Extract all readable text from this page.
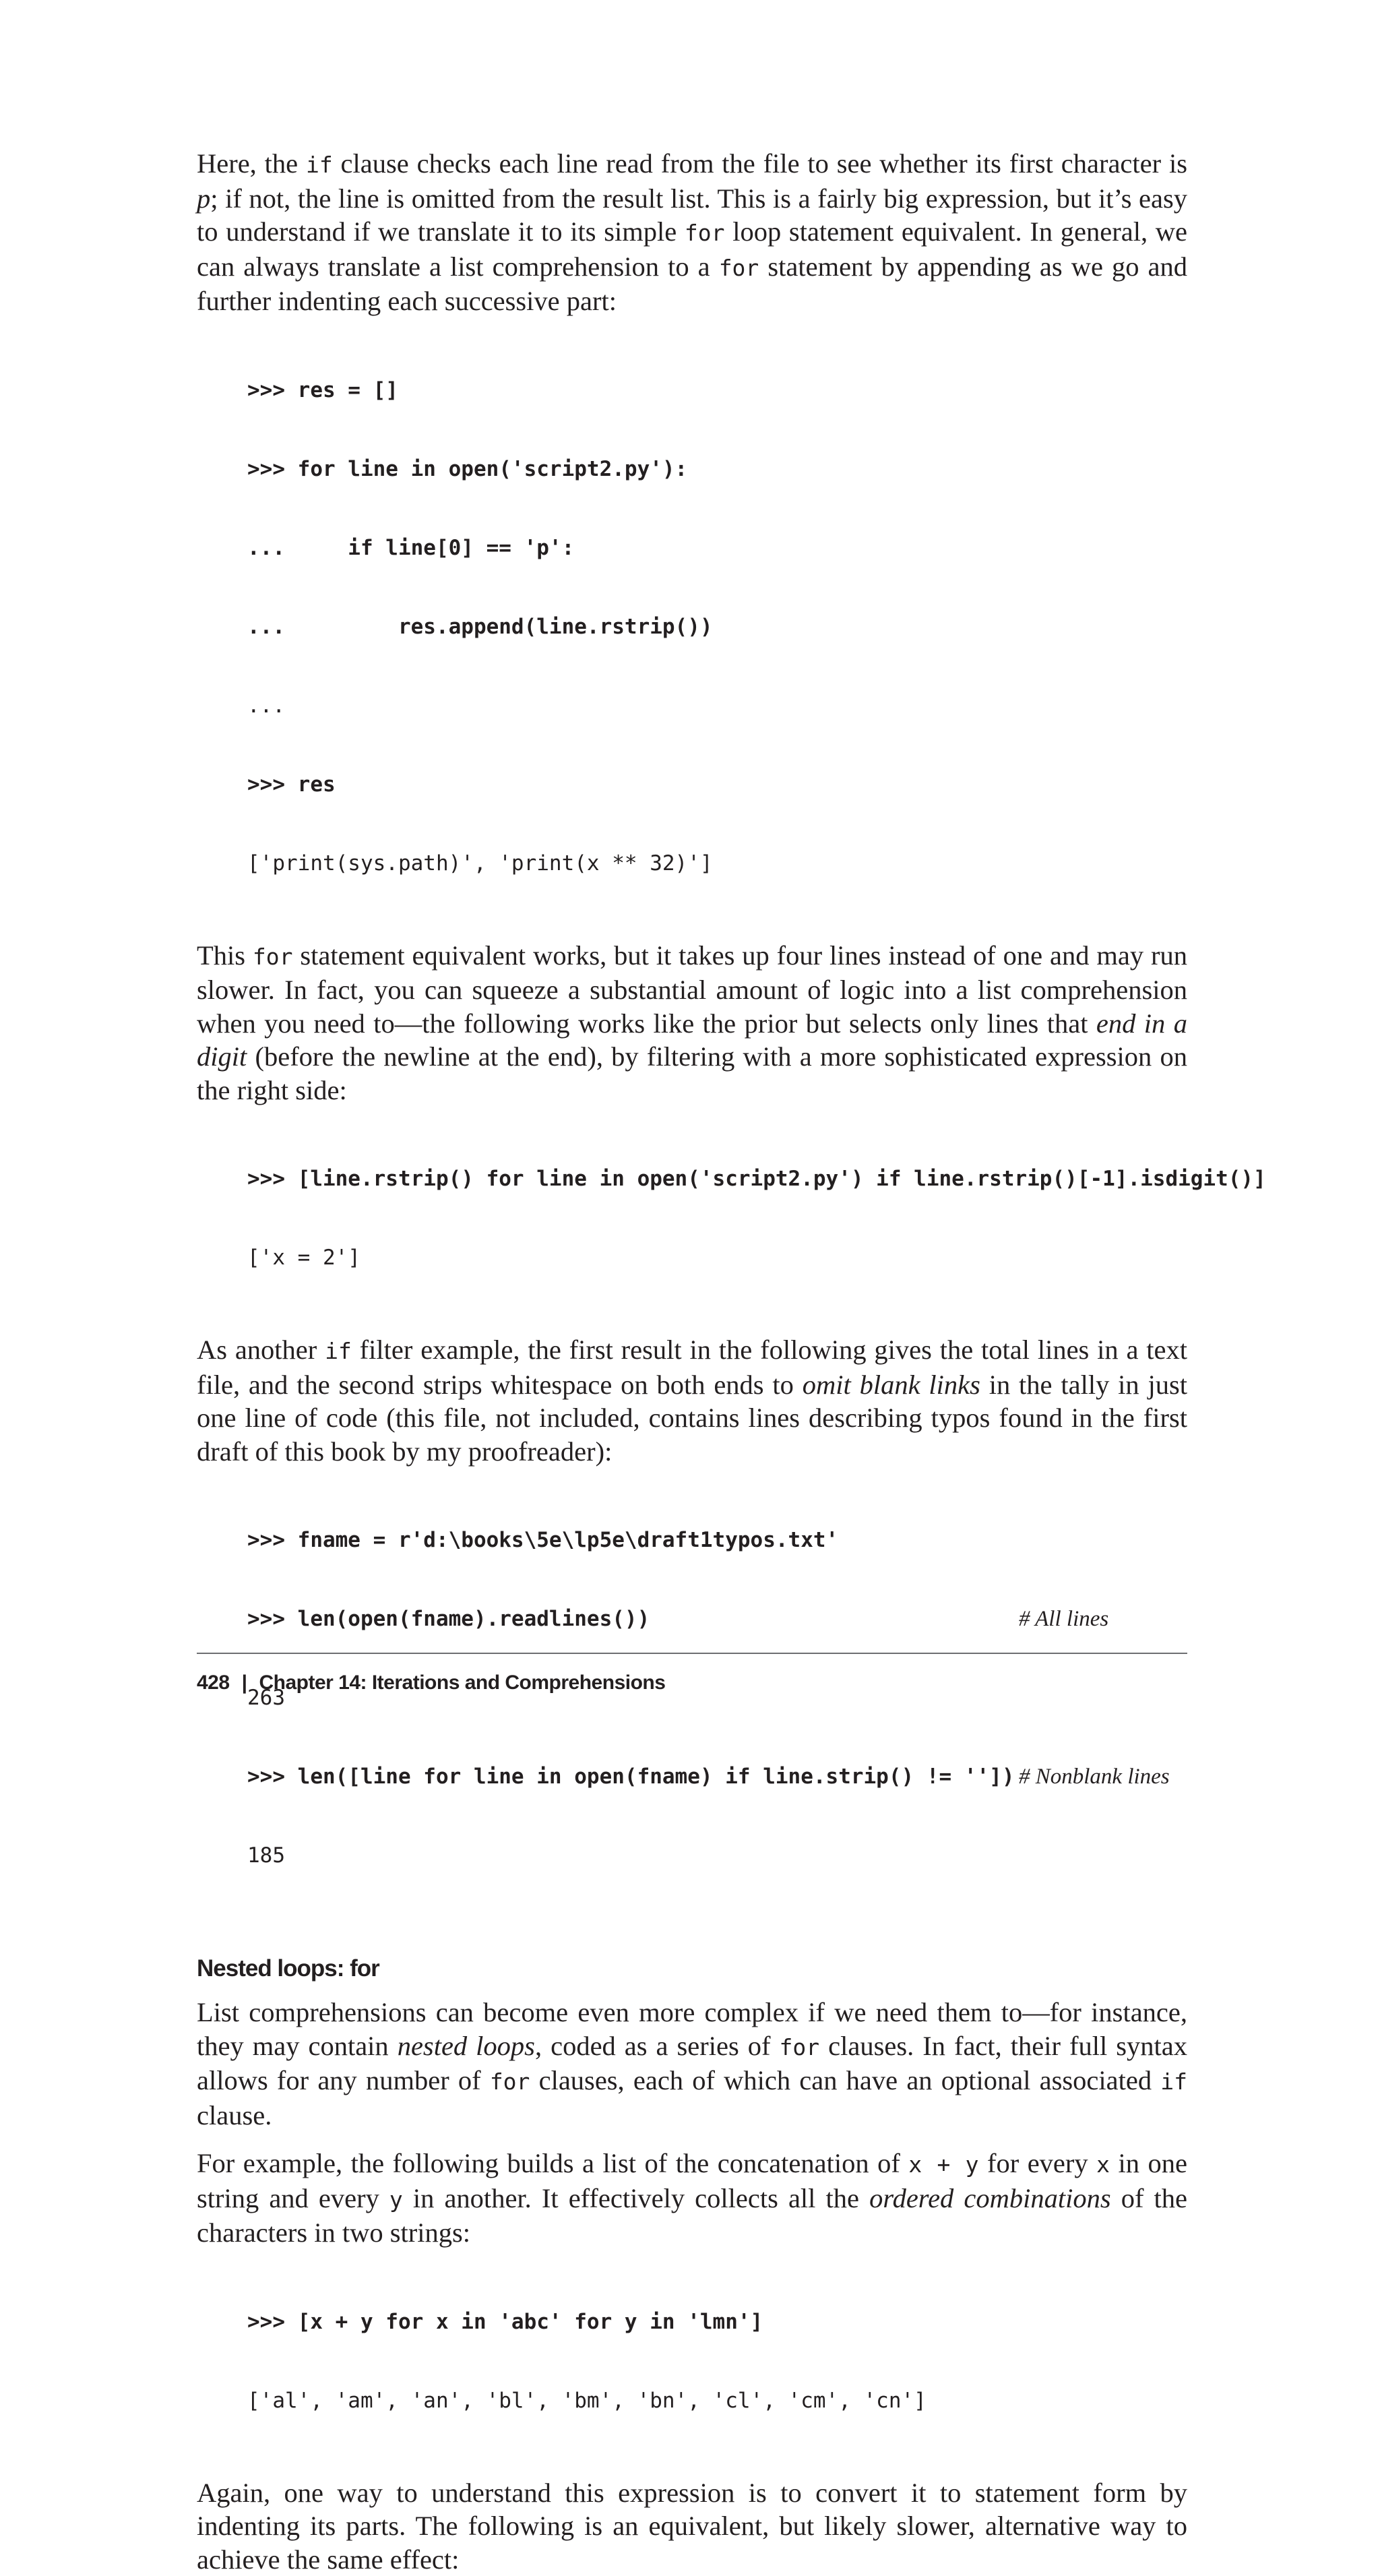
Here, the if clause checks each line read from the file to see whether its first character is p; if not, the line is omitted from the result list. This is a fairly big expression, but it’s easy to understand if we translate it to its simple for loop statement equivalent. In general, we can always translate a list comprehension to a for statement by appending as we go and further indenting each successive part:

>>> res = []

>>> for line in open('script2.py'):

...     if line[0] == 'p':

...         res.append(line.rstrip())

...

>>> res

['print(sys.path)', 'print(x ** 32)']

This for statement equivalent works, but it takes up four lines instead of one and may run slower. In fact, you can squeeze a substantial amount of logic into a list comprehension when you need to—the following works like the prior but selects only lines that end in a digit (before the newline at the end), by filtering with a more sophisticated expression on the right side:

>>> [line.rstrip() for line in open('script2.py') if line.rstrip()[-1].isdigit()]

['x = 2']

As another if filter example, the first result in the following gives the total lines in a text file, and the second strips whitespace on both ends to omit blank links in the tally in just one line of code (this file, not included, contains lines describing typos found in the first draft of this book by my proofreader):

>>> fname = r'd:\books\5e\lp5e\draft1typos.txt'

>>> len(open(fname).readlines())	# All lines

263

>>> len([line for line in open(fname) if line.strip() != '']) # Nonblank lines

185

Nested loops: for

List comprehensions can become even more complex if we need them to—for instance, they may contain nested loops, coded as a series of for clauses. In fact, their full syntax allows for any number of for clauses, each of which can have an optional associated if clause.

For example, the following builds a list of the concatenation of x + y for every x in one string and every y in another. It effectively collects all the ordered combinations of the characters in two strings:

>>> [x + y for x in 'abc' for y in 'lmn']

['al', 'am', 'an', 'bl', 'bm', 'bn', 'cl', 'cm', 'cn']

Again, one way to understand this expression is to convert it to statement form by indenting its parts. The following is an equivalent, but likely slower, alternative way to achieve the same effect:

428 | Chapter 14: Iterations and Comprehensions
